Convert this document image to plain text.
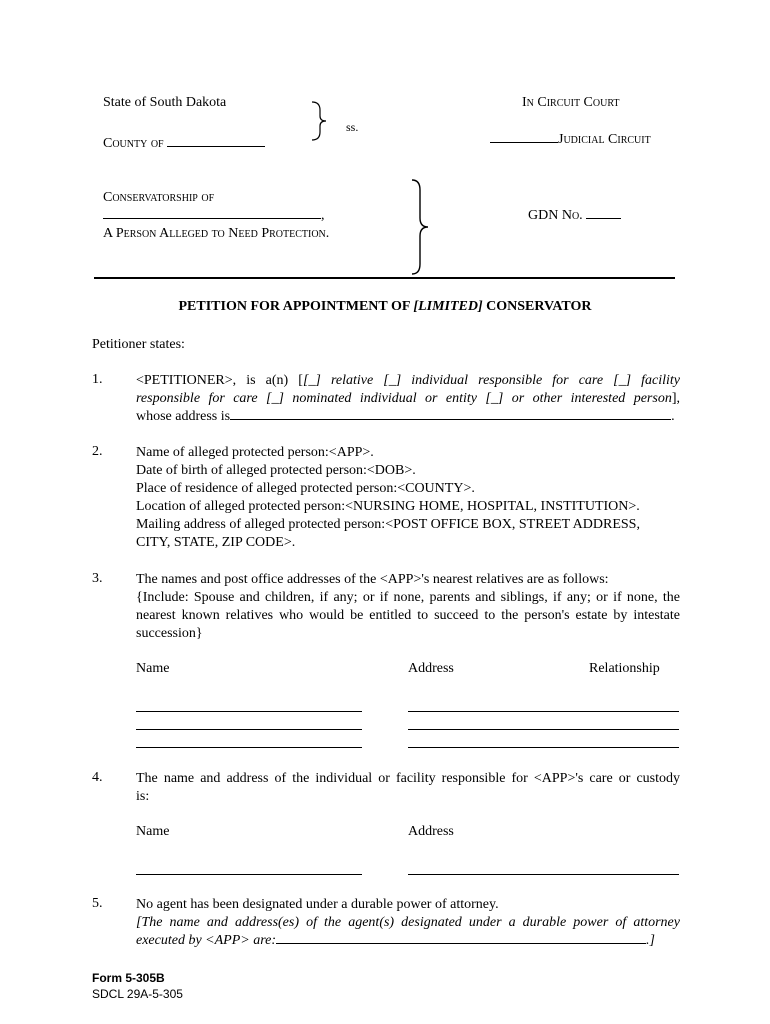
State of South Dakota
ss.
County of
In Circuit Court
Judicial Circuit
Conservatorship of
,
A Person Alleged to Need Protection.
GDN No.
PETITION FOR APPOINTMENT OF [LIMITED] CONSERVATOR
Petitioner states:
1. <PETITIONER>, is a(n) [[_] relative [_] individual responsible for care [_] facility
responsible for care [_] nominated individual or entity [_] or other interested person],
whose address is	.
2. Name of alleged protected person:<APP>.
Date of birth of alleged protected person:<DOB>.
Place of residence of alleged protected person:<COUNTY>.
Location of alleged protected person:<NURSING HOME, HOSPITAL, INSTITUTION>.
Mailing address of alleged protected person:<POST OFFICE BOX, STREET ADDRESS,
CITY, STATE, ZIP CODE>.
3. The names and post office addresses of the <APP>'s nearest relatives are as follows:
{Include: Spouse and children, if any; or if none, parents and siblings, if any; or if none, the
nearest known relatives who would be entitled to succeed to the person's estate by intestate
succession}
Name	Address	Relationship
4. The name and address of the individual or facility responsible for <APP>'s care or custody
is:
Name	Address
5. No agent has been designated under a durable power of attorney.
[The name and address(es) of the agent(s) designated under a durable power of attorney
executed by <APP> are:	.]
Form 5-305B
SDCL 29A-5-305
